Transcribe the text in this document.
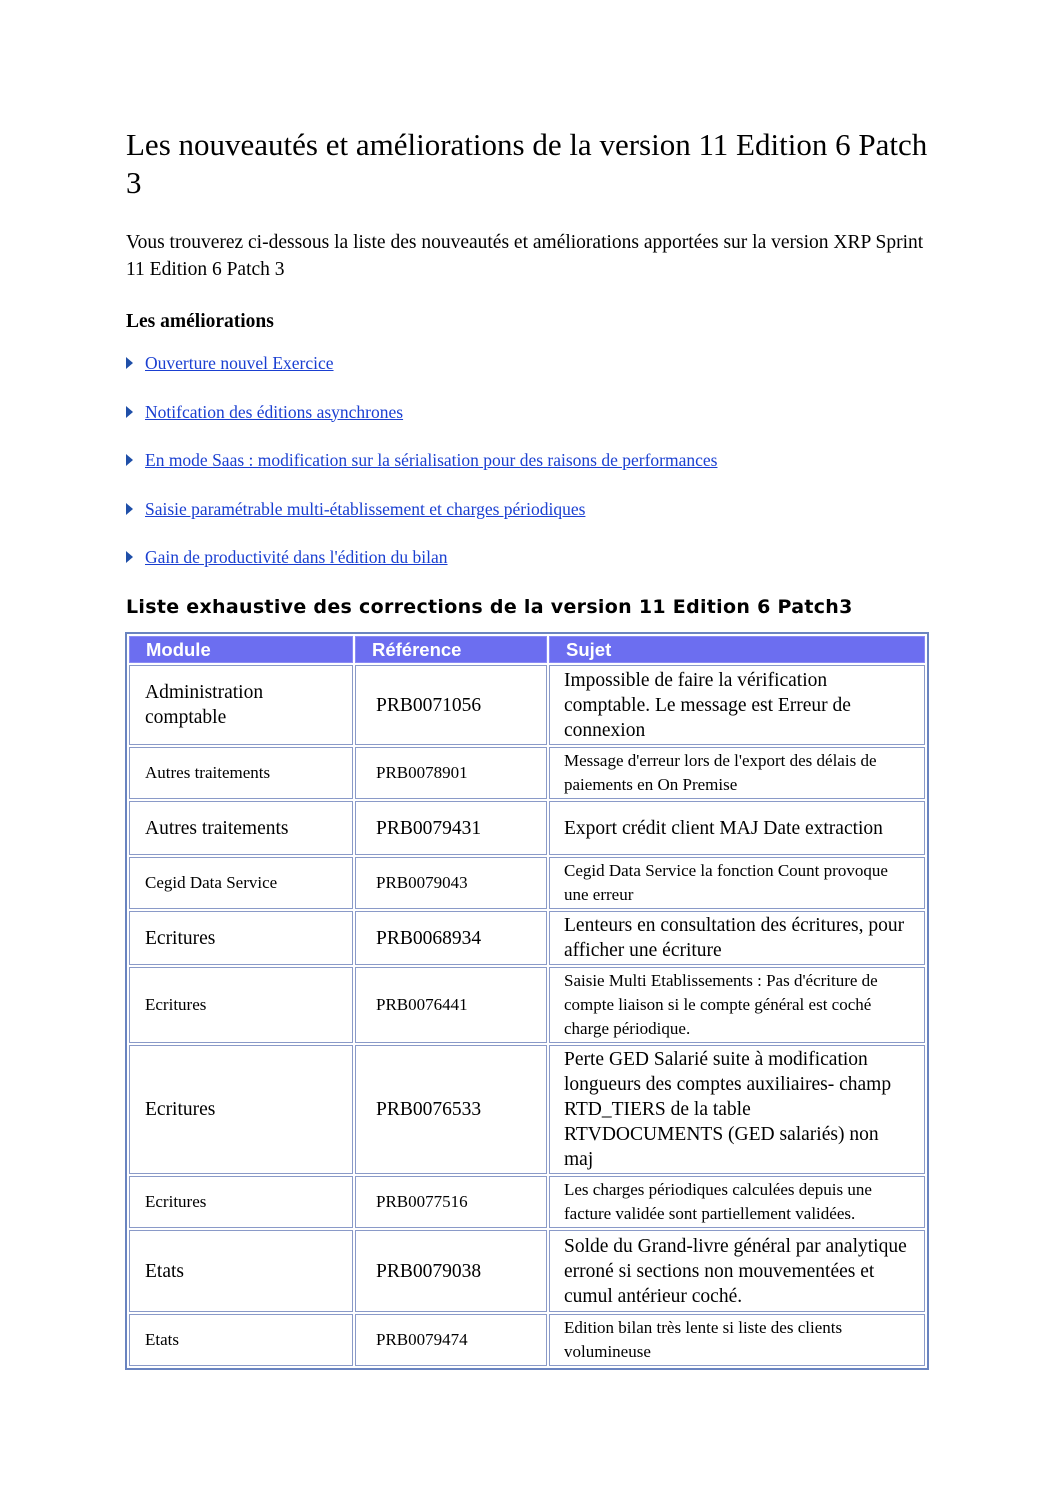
Les nouveautés et améliorations de la version 11 Edition 6 Patch 3

Vous trouverez ci-dessous la liste des nouveautés et améliorations apportées sur la version XRP Sprint 11 Edition 6 Patch 3

Les améliorations
Ouverture nouvel Exercice
Notifcation des éditions asynchrones
En mode Saas : modification sur la sérialisation pour des raisons de performances
Saisie paramétrable multi-établissement et charges périodiques
Gain de productivité dans l'édition du bilan
Liste exhaustive des corrections de la version 11 Edition 6 Patch3
Module	Référence	Sujet
Administration comptable	PRB0071056	Impossible de faire la vérification comptable. Le message est Erreur de connexion
Autres traitements	PRB0078901	Message d'erreur lors de l'export des délais de paiements en On Premise
Autres traitements	PRB0079431	Export crédit client MAJ Date extraction
Cegid Data Service	PRB0079043	Cegid Data Service la fonction Count provoque une erreur
Ecritures	PRB0068934	Lenteurs en consultation des écritures, pour afficher une écriture
Ecritures	PRB0076441	Saisie Multi Etablissements : Pas d'écriture de compte liaison si le compte général est coché charge périodique.
Ecritures	PRB0076533	Perte GED Salarié suite à modification longueurs des comptes auxiliaires- champ RTD_TIERS de la table RTVDOCUMENTS (GED salariés) non maj
Ecritures	PRB0077516	Les charges périodiques calculées depuis une facture validée sont partiellement validées.
Etats	PRB0079038	Solde du Grand-livre général par analytique erroné si sections non mouvementées et cumul antérieur coché.
Etats	PRB0079474	Edition bilan très lente si liste des clients volumineuse
